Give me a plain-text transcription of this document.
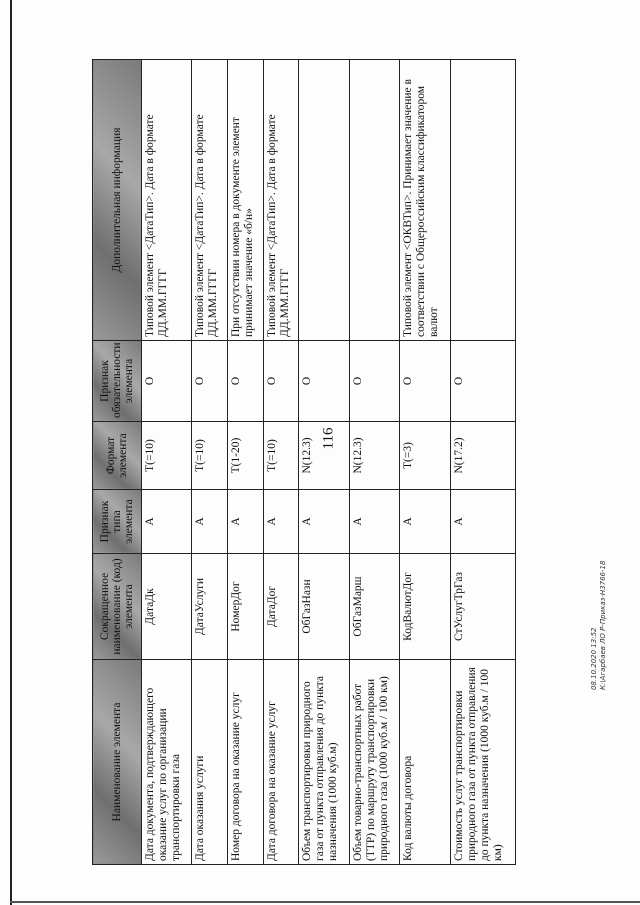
116
08.10.2020 13:52 К:\Агарбаев ЛО Р-Приказ-Н3766-18
Наименование элемента	Сокращенное наименование (код) элемента	Признак типа элемента	Формат элемента	Признак обязательности элемента	Дополнительная информация
Дата документа, подтверждающего оказание услуг по организации транспортировки газа	ДатаДк	А	T(=10)	О	Типовой элемент <ДатаТип>. Дата в формате ДД.ММ.ГГГГ
Дата оказания услуги	ДатаУслуги	А	T(=10)	О	Типовой элемент <ДатаТип>. Дата в формате ДД.ММ.ГГГГ
Номер договора на оказание услуг	НомерДог	А	T(1-20)	О	При отсутствии номера в документе элемент принимает значение «б/н»
Дата договора на оказание услуг	ДатаДог	А	T(=10)	О	Типовой элемент <ДатаТип>. Дата в формате ДД.ММ.ГГГГ
Объем транспортировки природного газа от пункта отправления до пункта назначения (1000 куб.м)	ОбГазНазн	А	N(12.3)	О	
Объем товарно-транспортных работ (ТТР) по маршруту транспортировки природного газа (1000 куб.м / 100 км)	ОбГазМарш	А	N(12.3)	О	
Код валюты договора	КодВалютДог	А	T(=3)	О	Типовой элемент <ОКВТип>. Принимает значение в соответствии с Общероссийским классификатором валют
Стоимость услуг транспортировки природного газа от пункта отправления до пункта назначения (1000 куб.м / 100 км)	СтУслугТрГаз	А	N(17.2)	О	
